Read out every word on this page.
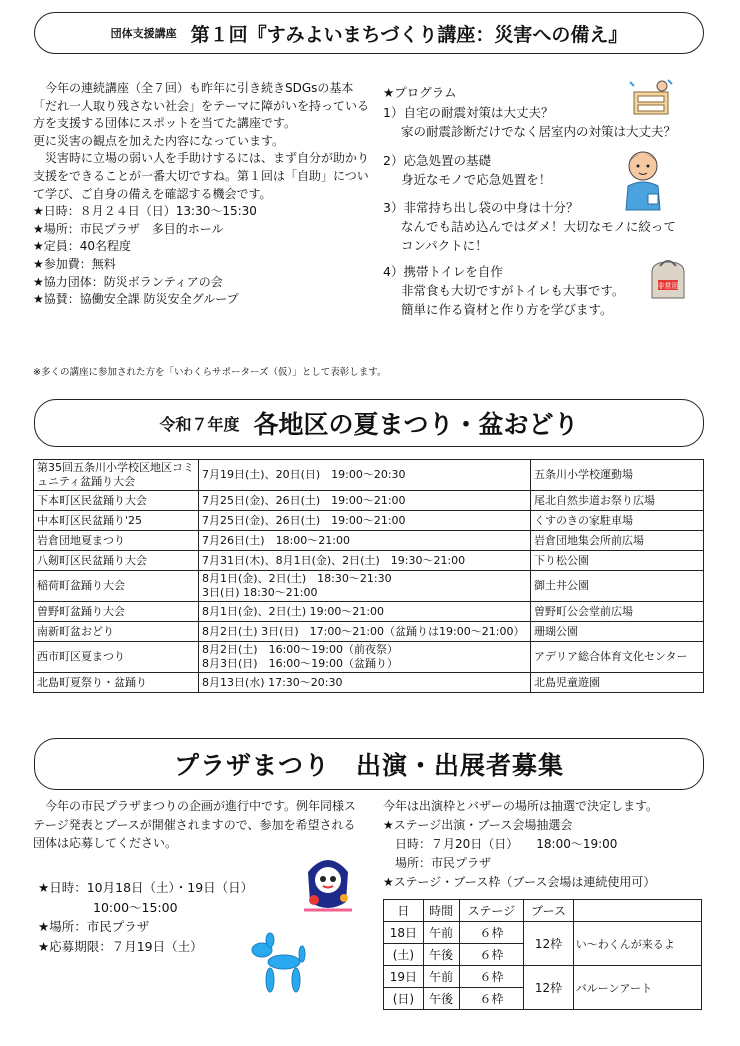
団体支援講座 第１回『すみよいまちづくり講座：災害への備え』

今年の連続講座（全７回）も昨年に引き続きSDGsの基本「だれ一人取り残さない社会」をテーマに障がいを持っている方を支援する団体にスポットを当てた講座です。

更に災害の観点を加えた内容になっています。

災害時に立場の弱い人を手助けするには、まず自分が助かり支援をできることが一番大切ですね。第１回は「自助」について学び、ご自身の備えを確認する機会です。

★日時：８月２４日（日）13:30～15:30

★場所：市民プラザ　多目的ホール

★定員：40名程度

★参加費：無料

★協力団体：防災ボランティアの会

★協賛：協働安全課 防災安全グループ

※多くの講座に参加された方を「いわくらサポーターズ（仮）」として表彰します。
★プログラム
1）自宅の耐震対策は大丈夫？
家の耐震診断だけでなく居室内の対策は大丈夫？
2）応急処置の基礎
身近なモノで応急処置を！
3）非常持ち出し袋の中身は十分？
なんでも詰め込んではダメ！大切なモノに絞って
コンパクトに！
4）携帯トイレを自作
非常食も大切ですがトイレも大事です。
簡単に作る資材と作り方を学びます。
非常用
令和７年度 各地区の夏まつり・盆おどり
第35回五条川小学校区地区コミュニティ盆踊り大会	7月19日(土)、20日(日)　19:00～20:30	五条川小学校運動場
下本町区民盆踊り大会	7月25日(金)、26日(土)　19:00～21:00	尾北自然歩道お祭り広場
中本町区民盆踊り'25	7月25日(金)、26日(土)　19:00～21:00	くすのきの家駐車場
岩倉団地夏まつり	7月26日(土)　18:00～21:00	岩倉団地集会所前広場
八剱町区民盆踊り大会	7月31日(木)、8月1日(金)、2日(土)　19:30～21:00	下り松公園
稲荷町盆踊り大会	8月1日(金)、2日(土)　18:30～21:30
3日(日) 18:30～21:00	御土井公園
曽野町盆踊り大会	8月1日(金)、2日(土) 19:00～21:00	曽野町公会堂前広場
南新町盆おどり	8月2日(土) 3日(日)　17:00～21:00（盆踊りは19:00～21:00）	珊瑚公園
西市町区夏まつり	8月2日(土)　16:00～19:00（前夜祭）
8月3日(日)　16:00～19:00（盆踊り）	アデリア総合体育文化センター
北島町夏祭り・盆踊り	8月13日(水) 17:30～20:30	北島児童遊園
プラザまつり　出演・出展者募集
今年の市民プラザまつりの企画が進行中です。例年同様ステージ発表とブースが開催されますので、参加を希望される団体は応募してください。
★日時：10月18日（土）・19日（日）
10:00～15:00
★場所：市民プラザ
★応募期限：７月19日（土）
今年は出演枠とバザーの場所は抽選で決定します。
★ステージ出演・ブース会場抽選会
日時：７月20日（日）　　18:00～19:00
場所：市民プラザ
★ステージ・ブース枠（ブース会場は連続使用可）
日	時間	ステージ	ブース	
18日	午前	６枠	12枠	い～わくんが来るよ
(土)	午後	６枠		
19日	午前	６枠	12枠	バルーンアート
(日)	午後	６枠		
